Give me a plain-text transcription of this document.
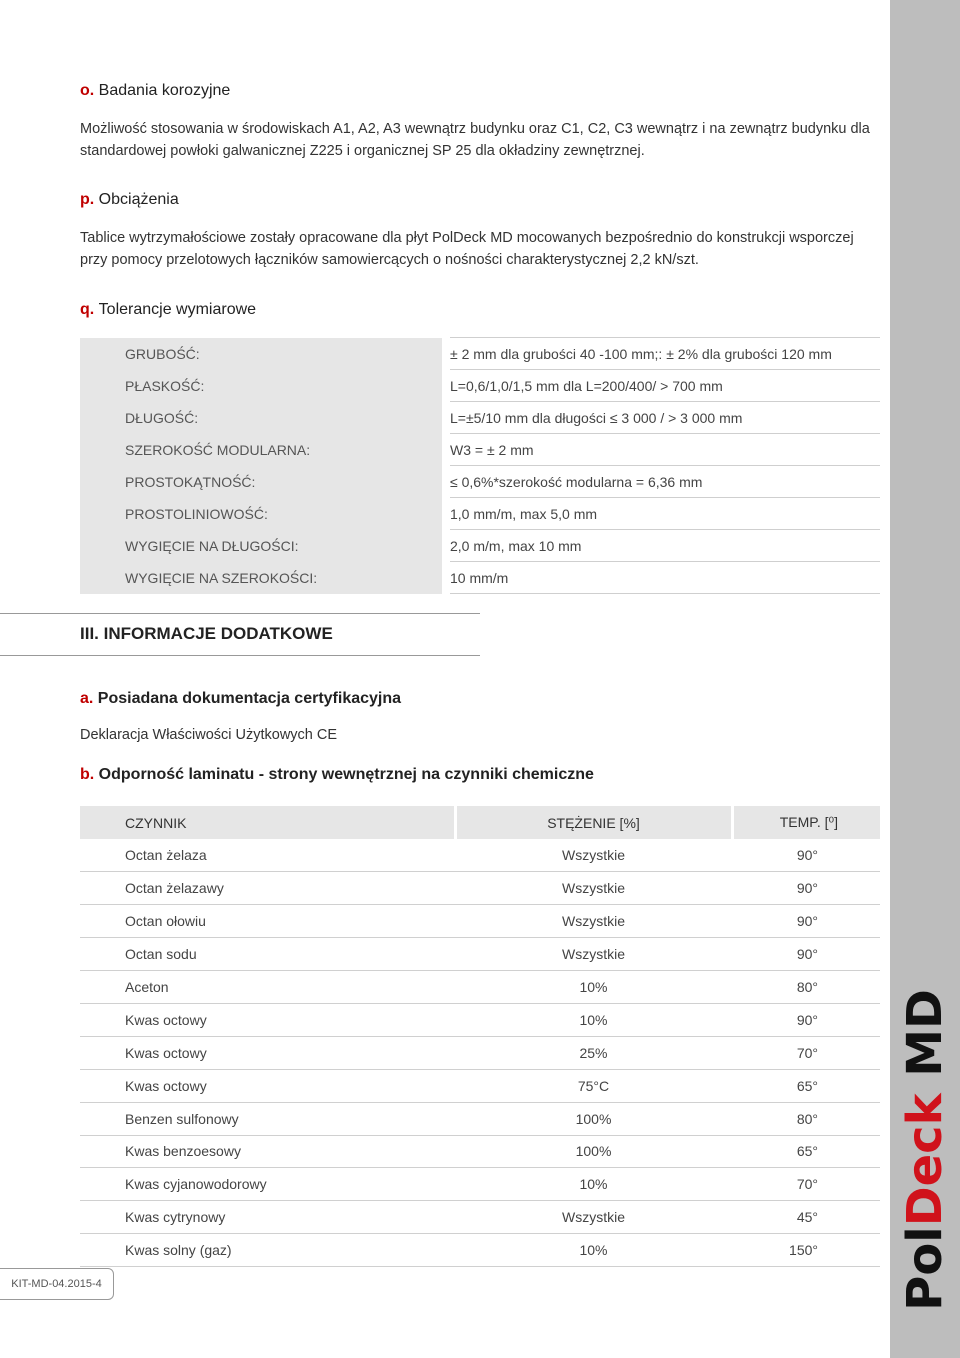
PolDeck MD
o. Badania korozyjne
Możliwość stosowania w środowiskach A1, A2, A3 wewnątrz budynku oraz C1, C2, C3 wewnątrz i na zewnątrz budynku dla standardowej powłoki galwanicznej Z225 i organicznej SP 25 dla okładziny zewnętrznej.
p. Obciążenia
Tablice wytrzymałościowe zostały opracowane dla płyt PolDeck MD mocowanych bezpośrednio do konstrukcji wsporczej przy pomocy przelotowych łączników samowiercących o nośności charakterystycznej 2,2 kN/szt.
q. Tolerancje wymiarowe
GRUBOŚĆ:		± 2 mm dla grubości 40 -100 mm;: ± 2% dla grubości 120 mm
PŁASKOŚĆ:		L=0,6/1,0/1,5 mm dla L=200/400/ > 700 mm
DŁUGOŚĆ:		L=±5/10 mm dla długości ≤ 3 000 / > 3 000 mm
SZEROKOŚĆ MODULARNA:		W3 = ± 2 mm
PROSTOKĄTNOŚĆ:		≤ 0,6%*szerokość modularna = 6,36 mm
PROSTOLINIOWOŚĆ:		1,0 mm/m, max 5,0 mm
WYGIĘCIE NA DŁUGOŚCI:		2,0 m/m, max 10 mm
WYGIĘCIE NA SZEROKOŚCI:		10 mm/m
III. INFORMACJE DODATKOWE
a. Posiadana dokumentacja certyfikacyjna
Deklaracja Właściwości Użytkowych CE
b. Odporność laminatu - strony wewnętrznej na czynniki chemiczne
CZYNNIK	STĘŻENIE [%]	TEMP. [⁰]
Octan żelaza	Wszystkie	90°
Octan żelazawy	Wszystkie	90°
Octan ołowiu	Wszystkie	90°
Octan sodu	Wszystkie	90°
Aceton	10%	80°
Kwas octowy	10%	90°
Kwas octowy	25%	70°
Kwas octowy	75°C	65°
Benzen sulfonowy	100%	80°
Kwas benzoesowy	100%	65°
Kwas cyjanowodorowy	10%	70°
Kwas cytrynowy	Wszystkie	45°
Kwas solny (gaz)	10%	150°
KIT-MD-04.2015-4
